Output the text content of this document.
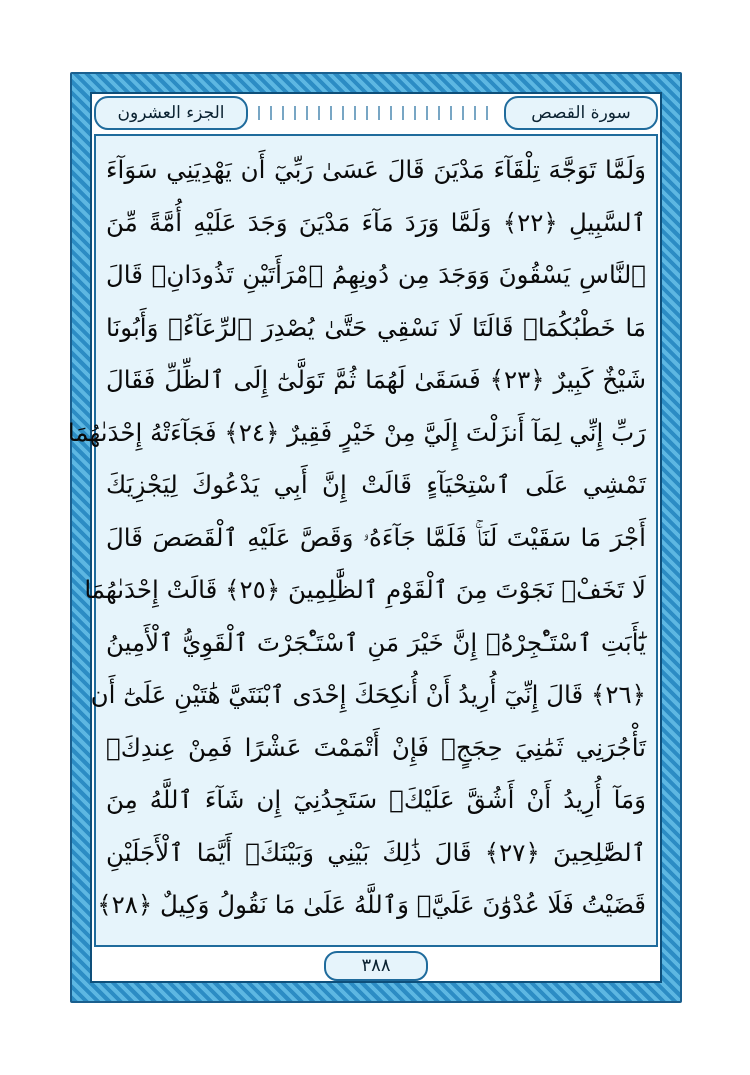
الجزء العشرون	سورة القصص
وَلَمَّا تَوَجَّهَ تِلْقَآءَ مَدْيَنَ قَالَ عَسَىٰ رَبِّيٓ أَن يَهْدِيَنِي سَوَآءَ
ٱلسَّبِيلِ ﴿٢٢﴾ وَلَمَّا وَرَدَ مَآءَ مَدْيَنَ وَجَدَ عَلَيْهِ أُمَّةً مِّنَ
ٱلنَّاسِ يَسْقُونَ وَوَجَدَ مِن دُونِهِمُ ٱمْرَأَتَيْنِ تَذُودَانِۖ قَالَ
مَا خَطْبُكُمَاۖ قَالَتَا لَا نَسْقِي حَتَّىٰ يُصْدِرَ ٱلرِّعَآءُۖ وَأَبُونَا
شَيْخٌ كَبِيرٌ ﴿٢٣﴾ فَسَقَىٰ لَهُمَا ثُمَّ تَوَلَّىٰٓ إِلَى ٱلظِّلِّ فَقَالَ
رَبِّ إِنِّي لِمَآ أَنزَلْتَ إِلَيَّ مِنْ خَيْرٍ فَقِيرٌ ﴿٢٤﴾ فَجَآءَتْهُ إِحْدَىٰهُمَا
تَمْشِي عَلَى ٱسْتِحْيَآءٍ قَالَتْ إِنَّ أَبِي يَدْعُوكَ لِيَجْزِيَكَ
أَجْرَ مَا سَقَيْتَ لَنَاۚ فَلَمَّا جَآءَهُۥ وَقَصَّ عَلَيْهِ ٱلْقَصَصَ قَالَ
لَا تَخَفْۖ نَجَوْتَ مِنَ ٱلْقَوْمِ ٱلظَّٰلِمِينَ ﴿٢٥﴾ قَالَتْ إِحْدَىٰهُمَا
يَٰٓأَبَتِ ٱسْتَـْٔجِرْهُۖ إِنَّ خَيْرَ مَنِ ٱسْتَـْٔجَرْتَ ٱلْقَوِيُّ ٱلْأَمِينُ
﴿٢٦﴾ قَالَ إِنِّيٓ أُرِيدُ أَنْ أُنكِحَكَ إِحْدَى ٱبْنَتَيَّ هَٰتَيْنِ عَلَىٰٓ أَن
تَأْجُرَنِي ثَمَٰنِيَ حِجَجٍۖ فَإِنْ أَتْمَمْتَ عَشْرًا فَمِنْ عِندِكَۖ
وَمَآ أُرِيدُ أَنْ أَشُقَّ عَلَيْكَۚ سَتَجِدُنِيٓ إِن شَآءَ ٱللَّهُ مِنَ
ٱلصَّٰلِحِينَ ﴿٢٧﴾ قَالَ ذَٰلِكَ بَيْنِي وَبَيْنَكَۖ أَيَّمَا ٱلْأَجَلَيْنِ
قَضَيْتُ فَلَا عُدْوَٰنَ عَلَيَّۖ وَٱللَّهُ عَلَىٰ مَا نَقُولُ وَكِيلٌ ﴿٢٨﴾
٣٨٨
